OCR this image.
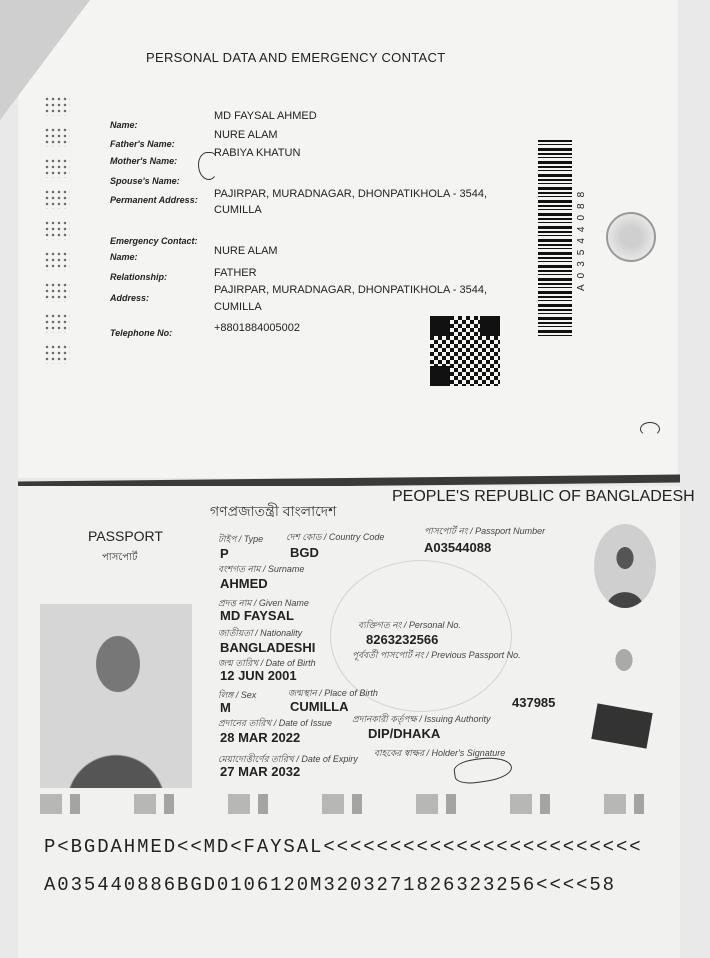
PERSONAL DATA AND EMERGENCY CONTACT
Name:
MD FAYSAL AHMED
Father's Name:
NURE ALAM
Mother's Name:
RABIYA KHATUN
Spouse's Name:
Permanent Address: PAJIRPAR, MURADNAGAR, DHONPATIKHOLA - 3544,
CUMILLA
Emergency Contact:
Name:	NURE ALAM
Relationship:	FATHER
Address:
PAJIRPAR, MURADNAGAR, DHONPATIKHOLA - 3544,
CUMILLA
Telephone No:	+8801884005002
A03544088
গণপ্রজাতন্ত্রী বাংলাদেশ
PEOPLE'S REPUBLIC OF BANGLADESH
PASSPORT
পাসপোর্ট
টাইপ / Type
P
দেশ কোড / Country Code
BGD
পাসপোর্ট নং / Passport Number
A03544088
বংশগত নাম / Surname
AHMED
প্রদত্ত নাম / Given Name
MD FAYSAL
জাতীয়তা / Nationality
BANGLADESHI
ব্যক্তিগত নং / Personal No.
8263232566
জন্ম তারিখ / Date of Birth
12 JUN 2001
পূর্ববর্তী পাসপোর্ট নং / Previous Passport No.
লিঙ্গ / Sex
M
জন্মস্থান / Place of Birth
CUMILLA	437985
প্রদানের তারিখ / Date of Issue
28 MAR 2022
প্রদানকারী কর্তৃপক্ষ / Issuing Authority
DIP/DHAKA
মেয়াদোত্তীর্ণের তারিখ / Date of Expiry
27 MAR 2032
বাহকের স্বাক্ষর / Holder's Signature
P<BGDAHMED<<MD<FAYSAL<<<<<<<<<<<<<<<<<<<<<<<<
A035440886BGD0106120M3203271826323256<<<<58
